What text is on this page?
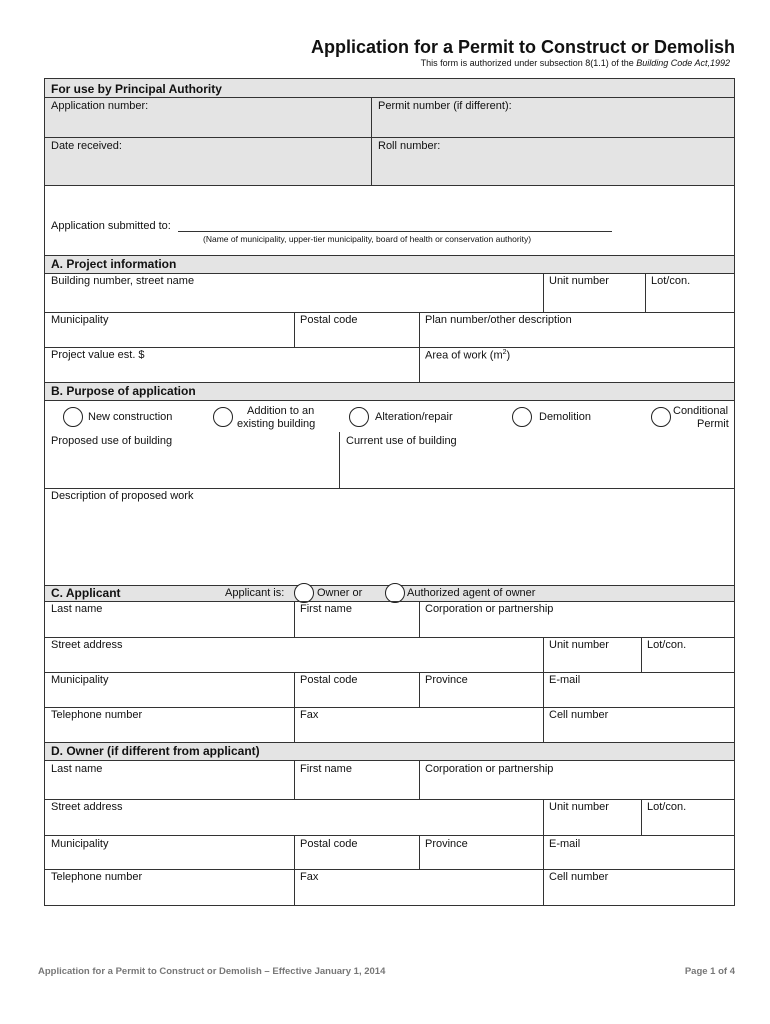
Application for a Permit to Construct or Demolish
This form is authorized under subsection 8(1.1) of the Building Code Act,1992
For use by Principal Authority
Application number:	Permit number (if different):
Date received:	Roll number:
Application submitted to:
(Name of municipality, upper-tier municipality, board of health or conservation authority)
A. Project information
Building number, street name	Unit number	Lot/con.
Municipality	Postal code	Plan number/other description
Project value est. $	Area of work $(m^2)$
B. Purpose of application
New construction	Addition to an
existing building
Alteration/repair	Demolition	Conditional
Permit
Proposed use of building	Current use of building
Description of proposed work
C. Applicant	Applicant is:	Owner or	Authorized agent of owner
Last name	First name	Corporation or partnership
Street address	Unit number	Lot/con.
Municipality	Postal code	Province	E-mail
Telephone number	Fax	Cell number
D. Owner (if different from applicant)
Last name	First name	Corporation or partnership
Street address	Unit number	Lot/con.
Municipality	Postal code	Province	E-mail
Telephone number	Fax	Cell number
Application for a Permit to Construct or Demolish – Effective January 1, 2014	Page 1 of 4
